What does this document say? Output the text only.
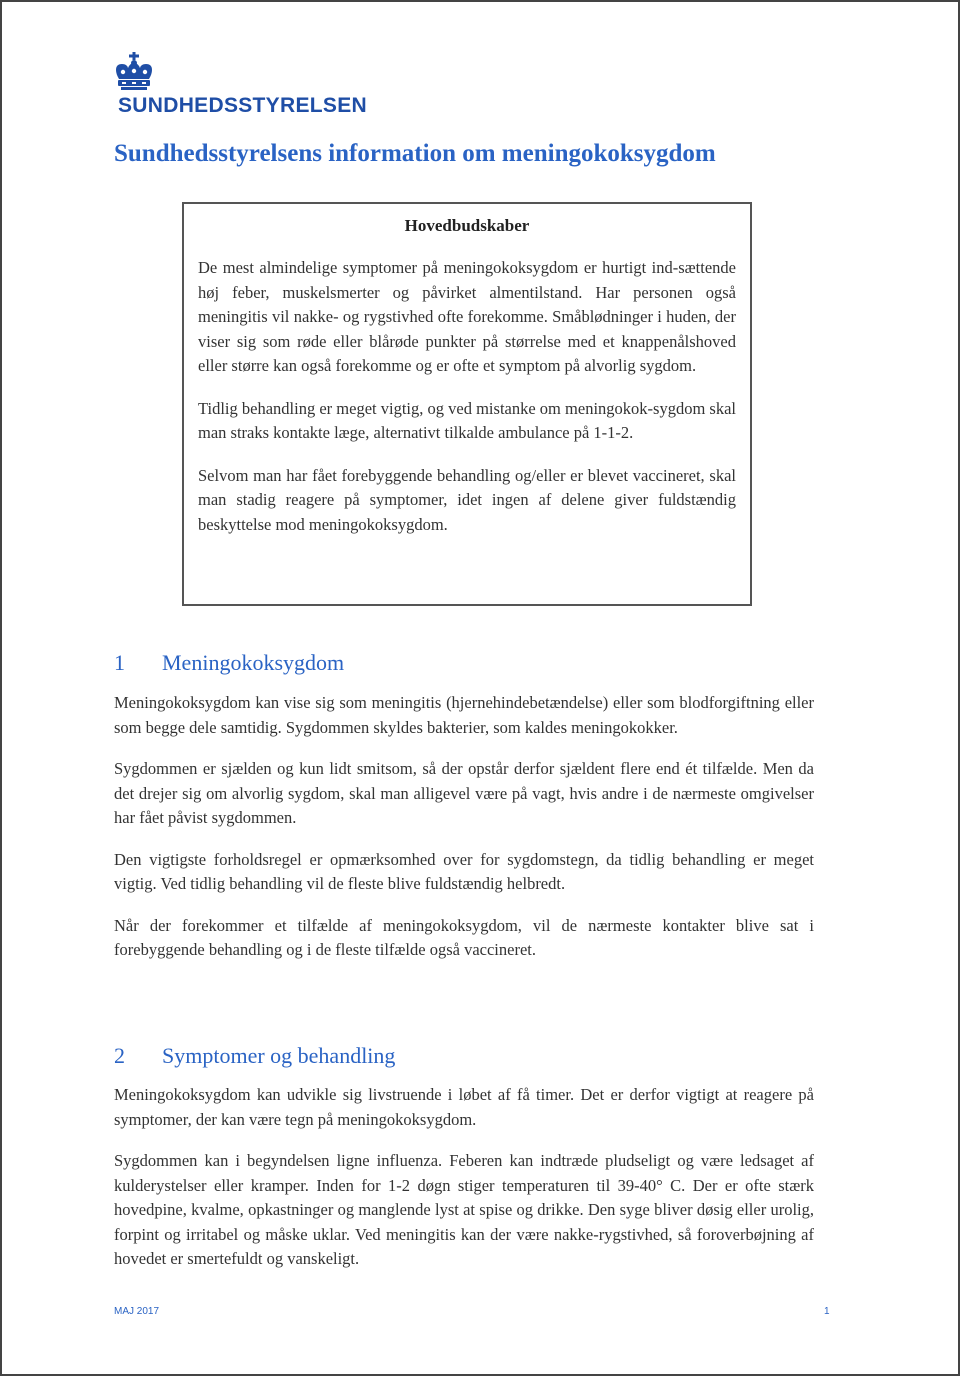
SUNDHEDSSTYRELSEN
Sundhedsstyrelsens information om meningokoksygdom
Hovedbudskaber

De mest almindelige symptomer på meningokoksygdom er hurtigt ind-sættende høj feber, muskelsmerter og påvirket almentilstand. Har personen også meningitis vil nakke- og rygstivhed ofte forekomme. Småblødninger i huden, der viser sig som røde eller blårøde punkter på størrelse med et knappenålshoved eller større kan også forekomme og er ofte et symptom på alvorlig sygdom.

Tidlig behandling er meget vigtig, og ved mistanke om meningokok-sygdom skal man straks kontakte læge, alternativt tilkalde ambulance på 1-1-2.

Selvom man har fået forebyggende behandling og/eller er blevet vaccineret, skal man stadig reagere på symptomer, idet ingen af delene giver fuldstændig beskyttelse mod meningokoksygdom.

1 Meningokoksygdom

Meningokoksygdom kan vise sig som meningitis (hjernehindebetændelse) eller som blodforgiftning eller som begge dele samtidig. Sygdommen skyldes bakterier, som kaldes meningokokker.

Sygdommen er sjælden og kun lidt smitsom, så der opstår derfor sjældent flere end ét tilfælde. Men da det drejer sig om alvorlig sygdom, skal man alligevel være på vagt, hvis andre i de nærmeste omgivelser har fået påvist sygdommen.

Den vigtigste forholdsregel er opmærksomhed over for sygdomstegn, da tidlig behandling er meget vigtig. Ved tidlig behandling vil de fleste blive fuldstændig helbredt.

Når der forekommer et tilfælde af meningokoksygdom, vil de nærmeste kontakter blive sat i forebyggende behandling og i de fleste tilfælde også vaccineret.

2 Symptomer og behandling

Meningokoksygdom kan udvikle sig livstruende i løbet af få timer. Det er derfor vigtigt at reagere på symptomer, der kan være tegn på meningokoksygdom.

Sygdommen kan i begyndelsen ligne influenza. Feberen kan indtræde pludseligt og være ledsaget af kulderystelser eller kramper. Inden for 1-2 døgn stiger temperaturen til 39-40° C. Der er ofte stærk hovedpine, kvalme, opkastninger og manglende lyst at spise og drikke. Den syge bliver døsig eller urolig, forpint og irritabel og måske uklar. Ved meningitis kan der være nakke-rygstivhed, så foroverbøjning af hovedet er smertefuldt og vanskeligt.

MAJ 2017	1
